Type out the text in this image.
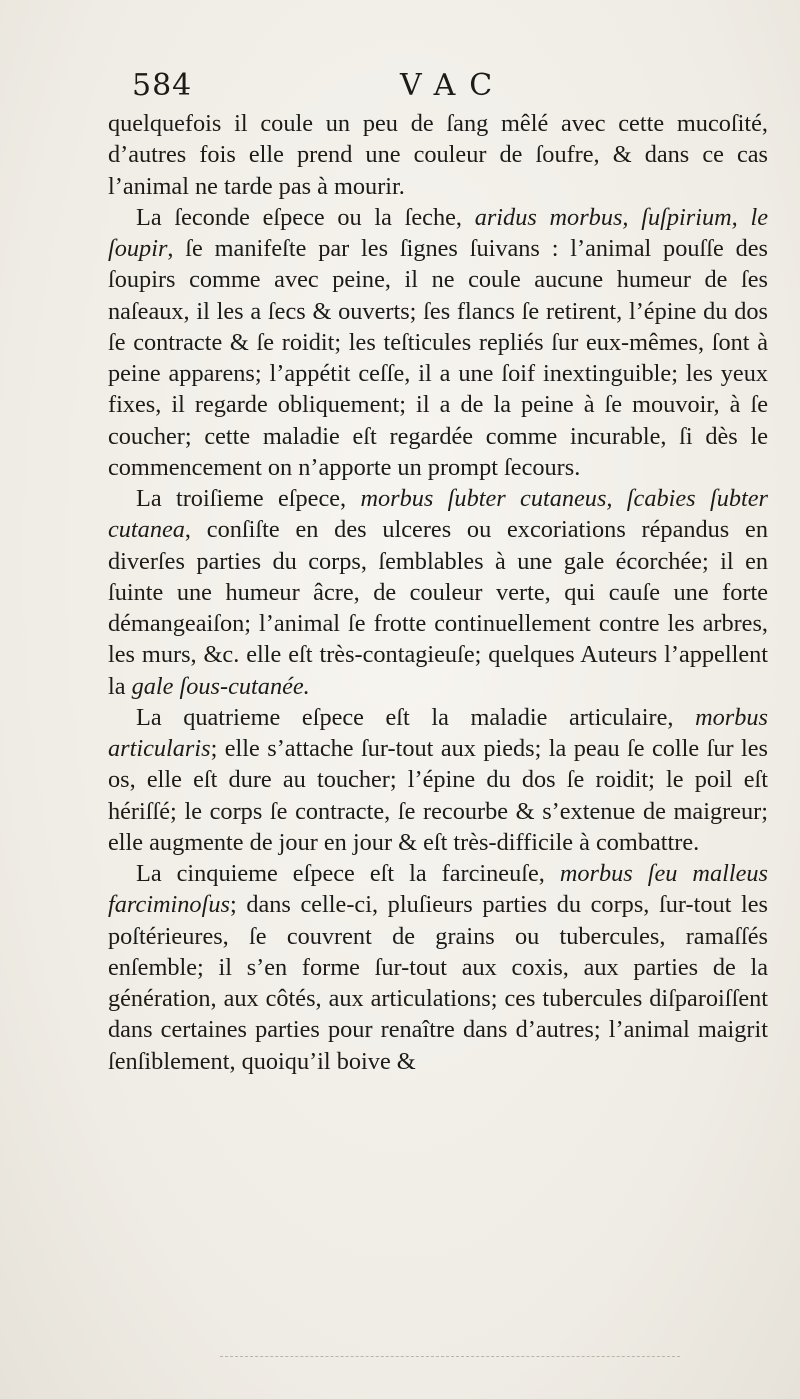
584	VAC

quelquefois il coule un peu de ſang mêlé avec cette mucoſité, d’autres fois elle prend une couleur de ſoufre, & dans ce cas l’animal ne tarde pas à mourir.

La ſeconde eſpece ou la ſeche, aridus morbus, ſuſpirium, le ſoupir, ſe manifeſte par les ſignes ſuivans : l’animal pouſſe des ſoupirs comme avec peine, il ne coule aucune humeur de ſes naſeaux, il les a ſecs & ouverts; ſes flancs ſe retirent, l’épine du dos ſe contracte & ſe roidit; les teſticules repliés ſur eux-mêmes, ſont à peine apparens; l’appétit ceſſe, il a une ſoif inextinguible; les yeux fixes, il regarde obliquement; il a de la peine à ſe mouvoir, à ſe coucher; cette maladie eſt regardée comme incurable, ſi dès le commencement on n’apporte un prompt ſecours.

La troiſieme eſpece, morbus ſubter cutaneus, ſcabies ſubter cutanea, conſiſte en des ulceres ou excoriations répandus en diverſes parties du corps, ſemblables à une gale écorchée; il en ſuinte une humeur âcre, de couleur verte, qui cauſe une forte démangeaiſon; l’animal ſe frotte continuellement contre les arbres, les murs, &c. elle eſt très-contagieuſe; quelques Auteurs l’appellent la gale ſous-cutanée.

La quatrieme eſpece eſt la maladie articulaire, morbus articularis; elle s’attache ſur-tout aux pieds; la peau ſe colle ſur les os, elle eſt dure au toucher; l’épine du dos ſe roidit; le poil eſt hériſſé; le corps ſe contracte, ſe recourbe & s’extenue de maigreur; elle augmente de jour en jour & eſt très-difficile à combattre.

La cinquieme eſpece eſt la farcineuſe, morbus ſeu malleus farciminoſus; dans celle-ci, pluſieurs parties du corps, ſur-tout les poſtérieures, ſe couvrent de grains ou tubercules, ramaſſés enſemble; il s’en forme ſur-tout aux coxis, aux parties de la génération, aux côtés, aux articulations; ces tubercules diſparoiſſent dans certaines parties pour renaître dans d’autres; l’animal maigrit ſenſiblement, quoiqu’il boive &
